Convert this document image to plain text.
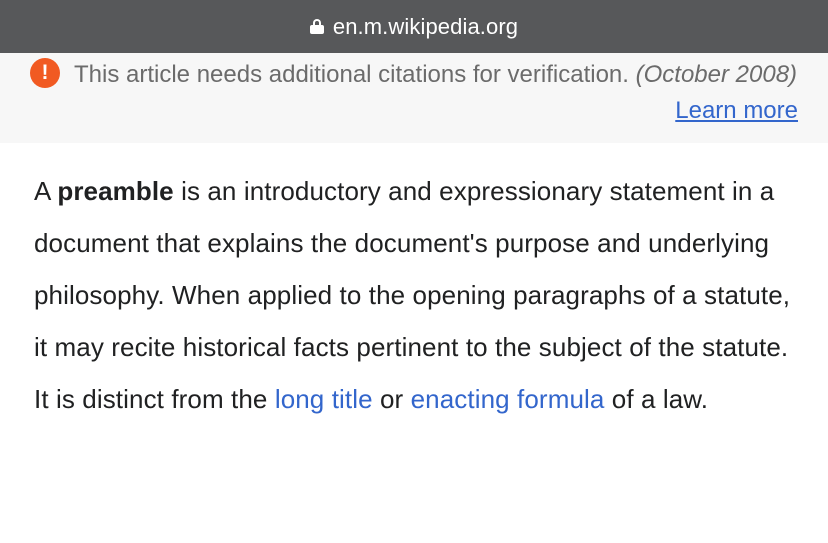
en.m.wikipedia.org
!	This article needs additional citations for verification. (October 2008)
Learn more

A preamble is an introductory and expressionary statement in a document that explains the document's purpose and underlying philosophy. When applied to the opening paragraphs of a statute, it may recite historical facts pertinent to the subject of the statute. It is distinct from the long title or enacting formula of a law.
